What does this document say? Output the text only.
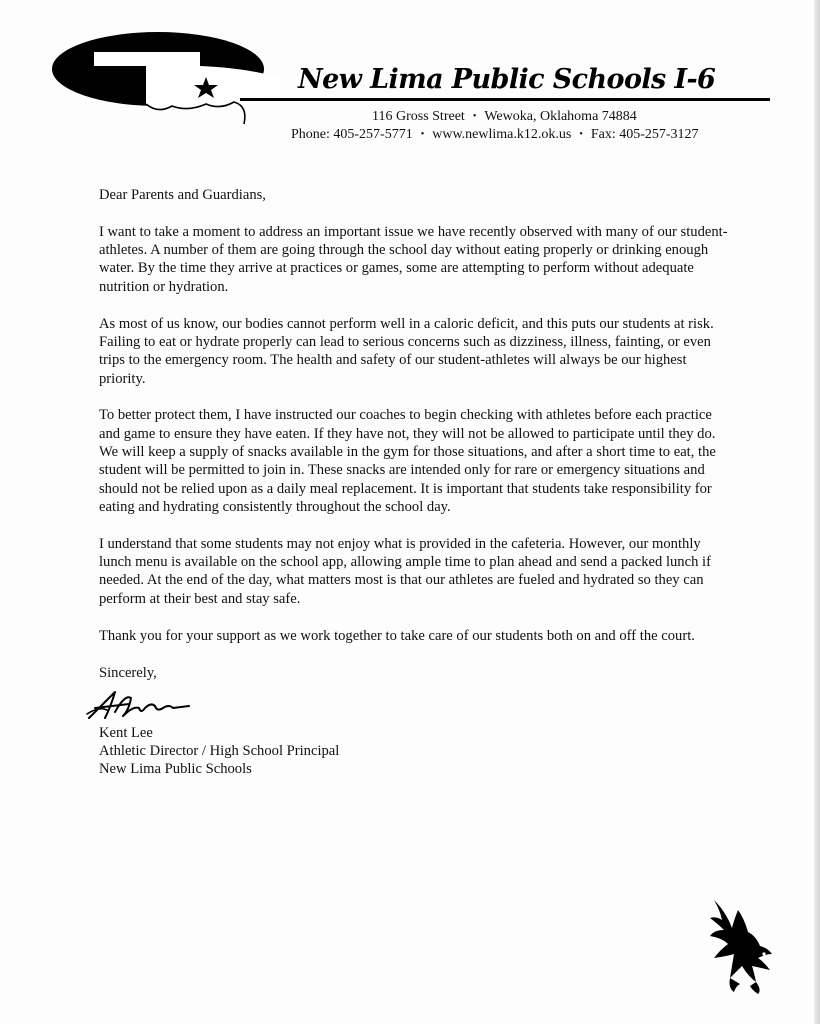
New Lima Public Schools I-6
116 Gross Street • Wewoka, Oklahoma 74884
Phone: 405-257-5771 • www.newlima.k12.ok.us • Fax: 405-257-3127

Dear Parents and Guardians,

I want to take a moment to address an important issue we have recently observed with many of our student-athletes. A number of them are going through the school day without eating properly or drinking enough water. By the time they arrive at practices or games, some are attempting to perform without adequate nutrition or hydration.

As most of us know, our bodies cannot perform well in a caloric deficit, and this puts our students at risk. Failing to eat or hydrate properly can lead to serious concerns such as dizziness, illness, fainting, or even trips to the emergency room. The health and safety of our student-athletes will always be our highest priority.

To better protect them, I have instructed our coaches to begin checking with athletes before each practice and game to ensure they have eaten. If they have not, they will not be allowed to participate until they do. We will keep a supply of snacks available in the gym for those situations, and after a short time to eat, the student will be permitted to join in. These snacks are intended only for rare or emergency situations and should not be relied upon as a daily meal replacement. It is important that students take responsibility for eating and hydrating consistently throughout the school day.

I understand that some students may not enjoy what is provided in the cafeteria. However, our monthly lunch menu is available on the school app, allowing ample time to plan ahead and send a packed lunch if needed. At the end of the day, what matters most is that our athletes are fueled and hydrated so they can perform at their best and stay safe.

Thank you for your support as we work together to take care of our students both on and off the court.

Sincerely,
Kent Lee
Athletic Director / High School Principal
New Lima Public Schools
